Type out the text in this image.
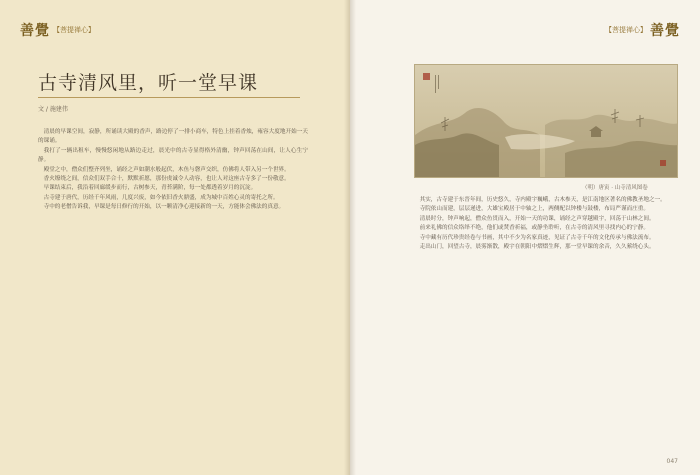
善覺 【菩提禅心】
古寺清风里，听一堂早课
文 / 施建伟

清晨的早课空间，寂静，所诵读大殿的香声，路边停了一排小商车，特色上挂着香烛，雍容大度地开始一天的课诵。

我打了一辆出租车，慢慢悠闲地从路边走过，晨光中的古寺显得格外清幽，钟声回荡在山间，让人心生宁静。

殿堂之中，僧众们整齐列坐，诵经之声如潮水般起伏，木鱼与磬声交织，仿佛将人带入另一个世界。

香火缭绕之间，信众们双手合十，默默祈愿，那份虔诚令人动容，也让人对这座古寺多了一份敬意。

早课结束后，我沿着回廊缓步而行，古树参天，青苔满阶，每一处都透着岁月的沉淀。

古寺建于唐代，历经千年风雨，几度兴废，如今依旧香火鼎盛，成为城中百姓心灵的寄托之所。

寺中的老僧告诉我，早课是每日修行的开始，以一颗清净心迎接新的一天，方能体会佛法的真意。

【菩提禅心】 善覺
（明）唐寅 · 山寺清风图卷

其实，古寺建于东晋年间，历史悠久，寺内殿宇巍峨，古木参天，是江南地区著名的佛教圣地之一。

寺院依山而建，层层递进，大雄宝殿居于中轴之上，两侧配以钟楼与鼓楼，布局严谨而庄重。

清晨时分，钟声响起，僧众鱼贯而入，开始一天的功课，诵经之声穿越殿宇，回荡于山林之间。

前来礼佛的信众络绎不绝，他们或焚香祈福，或静坐聆听，在古寺的清风里寻找内心的宁静。

寺中藏有历代珍贵经卷与书画，其中不少为名家真迹，见证了古寺千年的文化传承与佛法流布。

走出山门，回望古寺，晨雾渐散，殿宇在朝阳中熠熠生辉，那一堂早课的余音，久久萦绕心头。

047
